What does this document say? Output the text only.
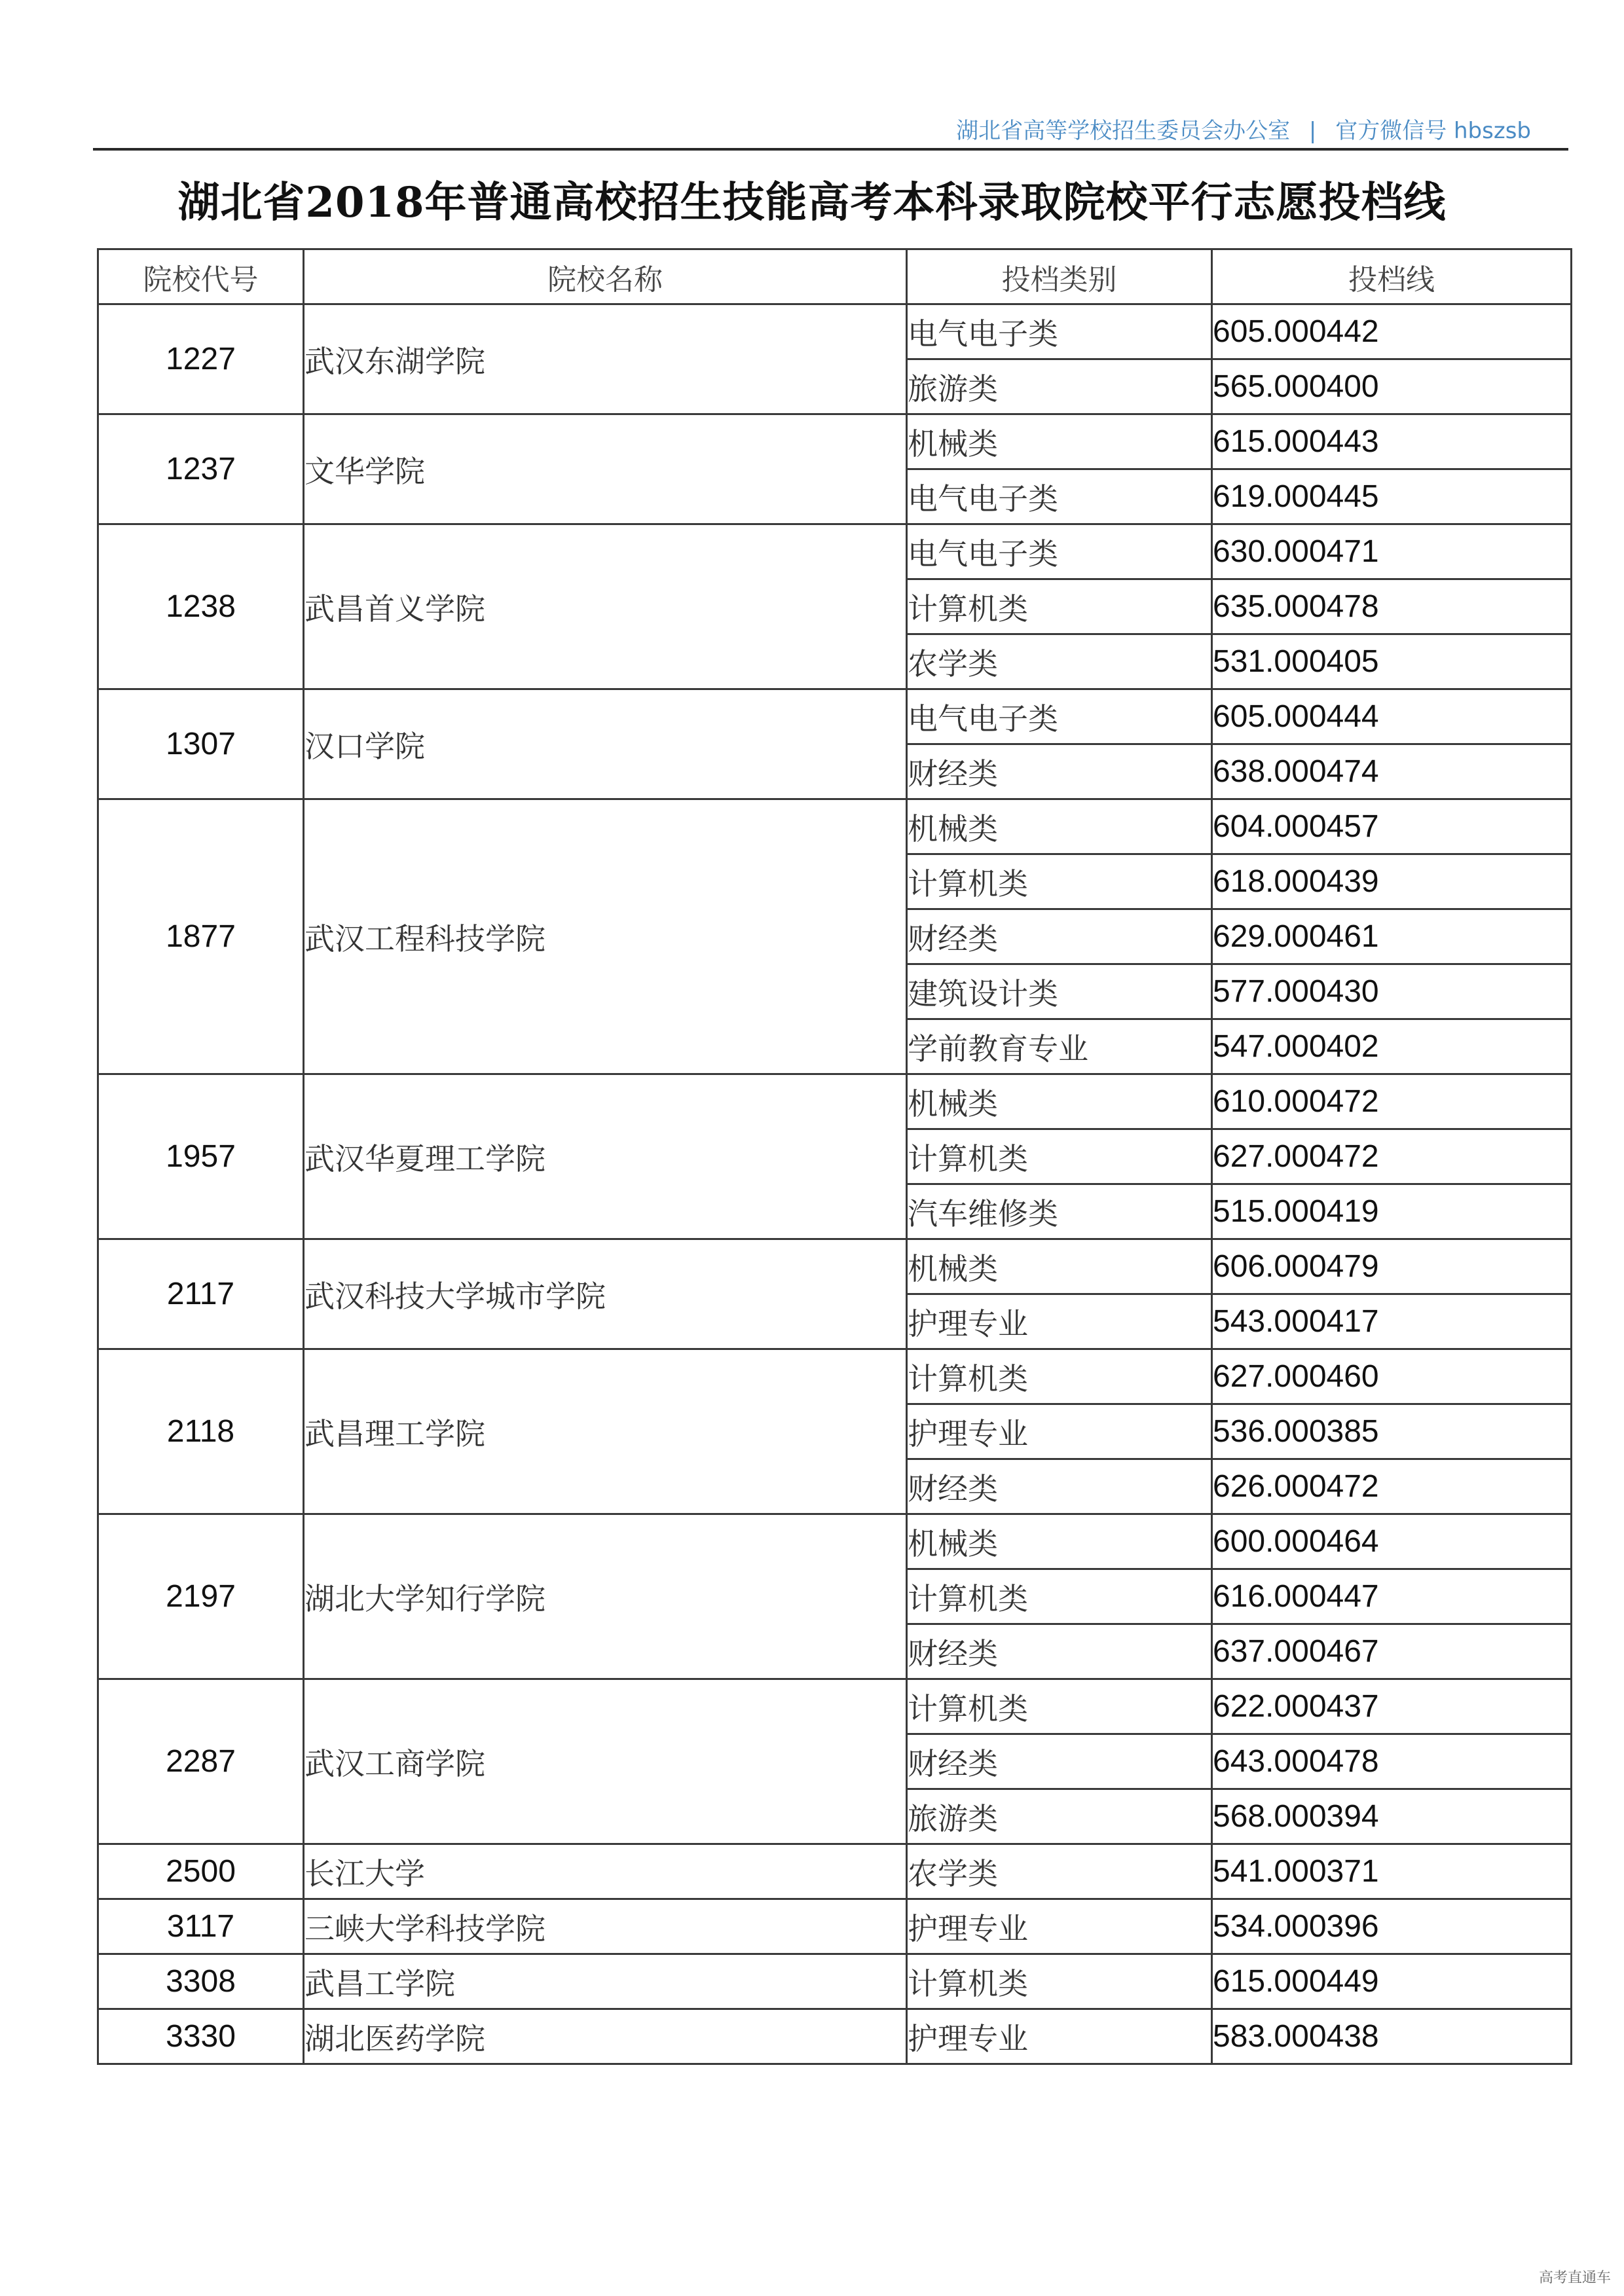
湖北省高等学校招生委员会办公室 | 官方微信号 hbszsb
湖北省2018年普通高校招生技能高考本科录取院校平行志愿投档线
院校代号	院校名称	投档类别	投档线
1227	武汉东湖学院	电气电子类	605.000442
		旅游类	565.000400
1237	文华学院	机械类	615.000443
		电气电子类	619.000445
1238	武昌首义学院	电气电子类	630.000471
		计算机类	635.000478
		农学类	531.000405
1307	汉口学院	电气电子类	605.000444
		财经类	638.000474
1877	武汉工程科技学院	机械类	604.000457
		计算机类	618.000439
		财经类	629.000461
		建筑设计类	577.000430
		学前教育专业	547.000402
1957	武汉华夏理工学院	机械类	610.000472
		计算机类	627.000472
		汽车维修类	515.000419
2117	武汉科技大学城市学院	机械类	606.000479
		护理专业	543.000417
2118	武昌理工学院	计算机类	627.000460
		护理专业	536.000385
		财经类	626.000472
2197	湖北大学知行学院	机械类	600.000464
		计算机类	616.000447
		财经类	637.000467
2287	武汉工商学院	计算机类	622.000437
		财经类	643.000478
		旅游类	568.000394
2500	长江大学	农学类	541.000371
3117	三峡大学科技学院	护理专业	534.000396
3308	武昌工学院	计算机类	615.000449
3330	湖北医药学院	护理专业	583.000438
高考直通车
